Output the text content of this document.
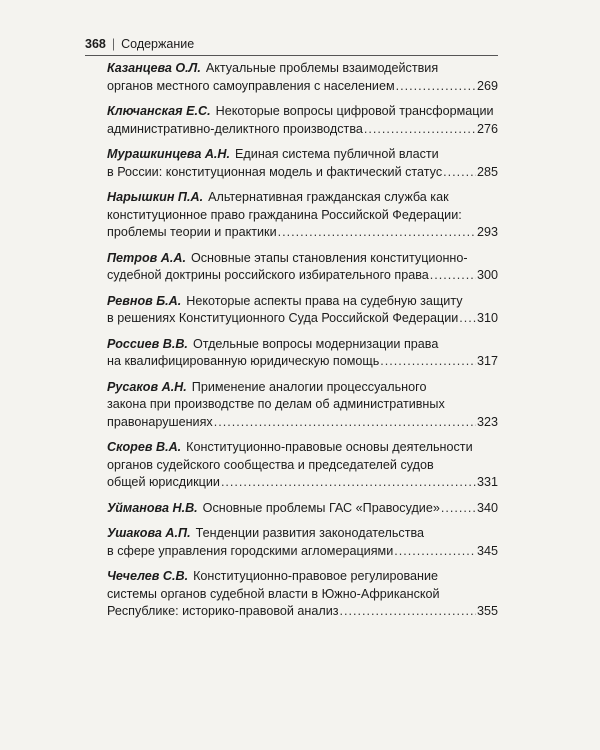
368 | Содержание
Казанцева О.Л. Актуальные проблемы взаимодействия
органов местного самоуправления с населением .....	269
Ключанская Е.С. Некоторые вопросы цифровой трансформации
административно-деликтного производства .....	276
Мурашкинцева А.Н. Единая система публичной власти
в России: конституционная модель и фактический статус .....	285
Нарышкин П.А. Альтернативная гражданская служба как
конституционное право гражданина Российской Федерации:
проблемы теории и практики .....	293
Петров А.А. Основные этапы становления конституционно-
судебной доктрины российского избирательного права .....	300
Ревнов Б.А. Некоторые аспекты права на судебную защиту
в решениях Конституционного Суда Российской Федерации ..... 310
Россиев В.В. Отдельные вопросы модернизации права
на квалифицированную юридическую помощь .....	317
Русаков А.Н. Применение аналогии процессуального
закона при производстве по делам об административных
правонарушениях .....	323
Скорев В.А. Конституционно-правовые основы деятельности
органов судейского сообщества и председателей судов
общей юрисдикции .....	331
Уйманова Н.В. Основные проблемы ГАС «Правосудие» .....	340
Ушакова А.П. Тенденции развития законодательства
в сфере управления городскими агломерациями .....	345
Чечелев С.В. Конституционно-правовое регулирование
системы органов судебной власти в Южно-Африканской
Республике: историко-правовой анализ .....	355
